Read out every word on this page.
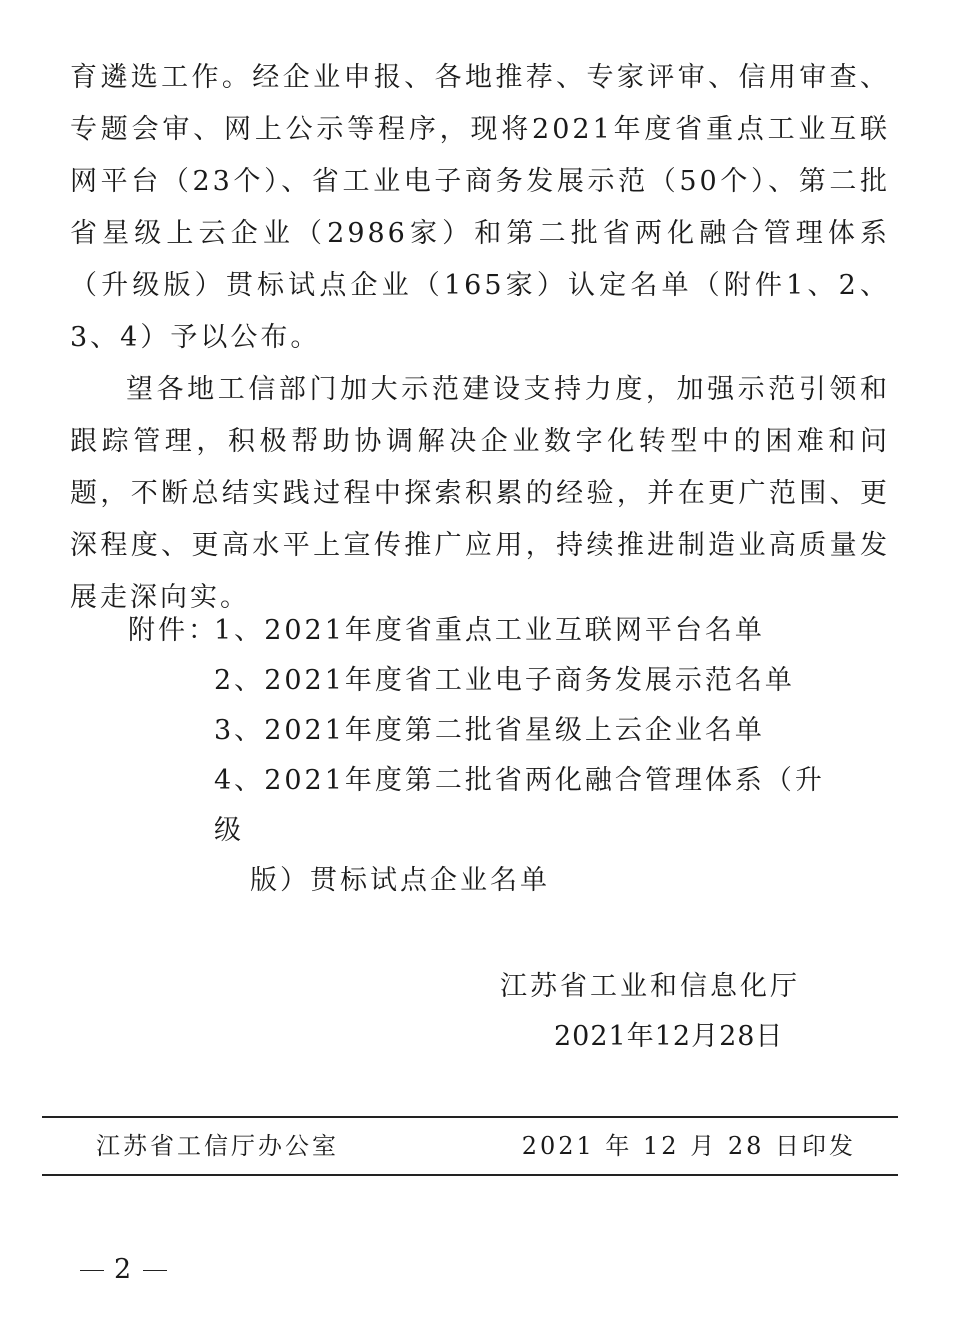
育遴选工作。经企业申报、各地推荐、专家评审、信用审查、专题会审、网上公示等程序，现将2021年度省重点工业互联网平台（23个）、省工业电子商务发展示范（50个）、第二批省星级上云企业（2986家）和第二批省两化融合管理体系（升级版）贯标试点企业（165家）认定名单（附件1、2、3、4）予以公布。

望各地工信部门加大示范建设支持力度，加强示范引领和跟踪管理，积极帮助协调解决企业数字化转型中的困难和问题，不断总结实践过程中探索积累的经验，并在更广范围、更深程度、更高水平上宣传推广应用，持续推进制造业高质量发展走深向实。

附件：
1、 2021年度省重点工业互联网平台名单
2、 2021年度省工业电子商务发展示范名单
3、 2021年度第二批省星级上云企业名单
4、2021年度第二批省两化融合管理体系（升级
版）贯标试点企业名单
江苏省工业和信息化厅
2021年12月28日
江苏省工信厅办公室	2021 年 12 月 28 日印发
2
